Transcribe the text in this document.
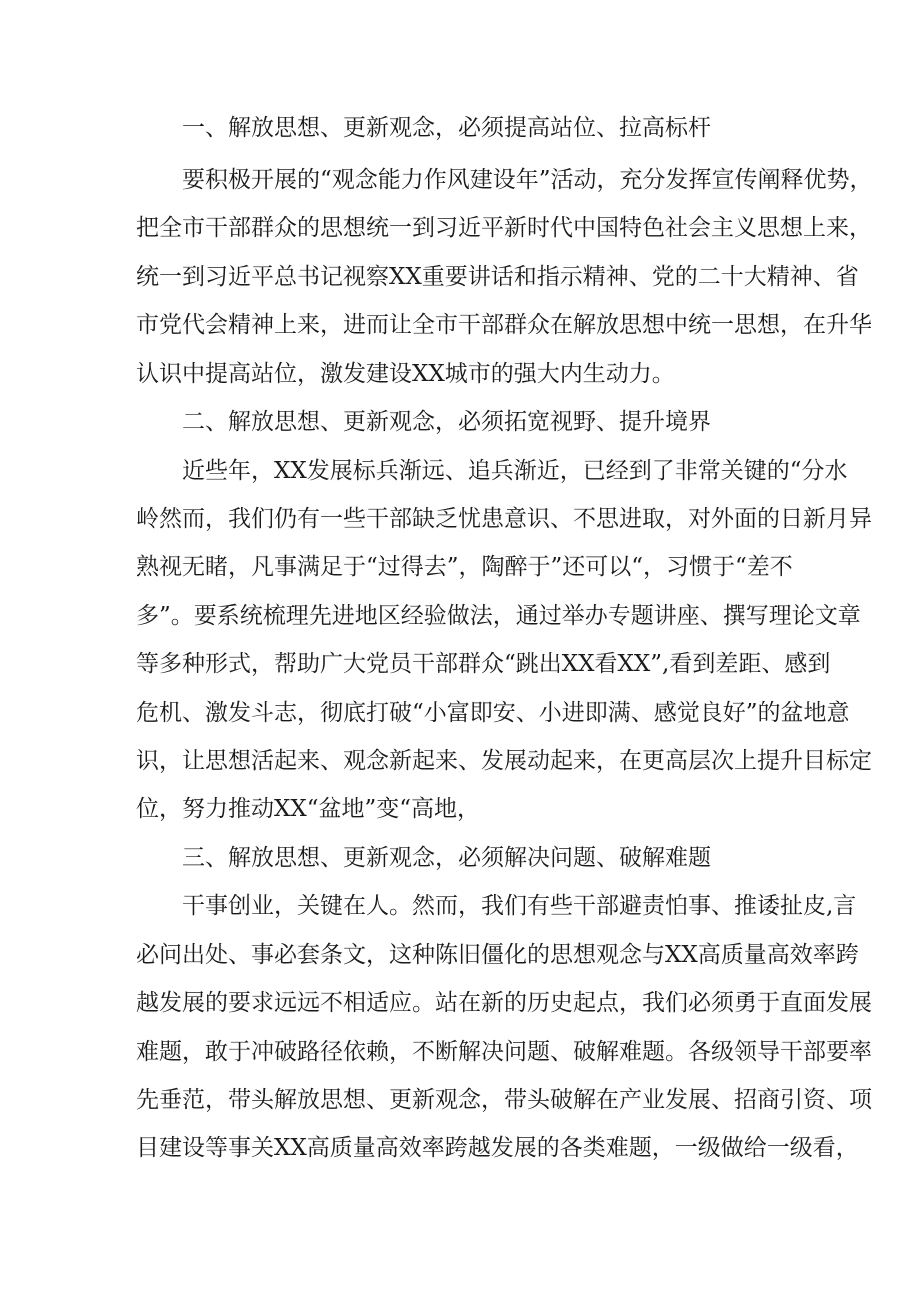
一、解放思想、更新观念，必须提高站位、拉高标杆

要积极开展的“观念能力作风建设年”活动，充分发挥宣传阐释优势，

把全市干部群众的思想统一到习近平新时代中国特色社会主义思想上来，

统一到习近平总书记视察XX重要讲话和指示精神、党的二十大精神、省

市党代会精神上来，进而让全市干部群众在解放思想中统一思想，在升华

认识中提高站位，激发建设XX城市的强大内生动力。

二、解放思想、更新观念，必须拓宽视野、提升境界

近些年，XX发展标兵渐远、追兵渐近，已经到了非常关键的“分水

岭然而，我们仍有一些干部缺乏忧患意识、不思进取，对外面的日新月异

熟视无睹，凡事满足于“过得去”，陶醉于”还可以“，习惯于“差不

多”。要系统梳理先进地区经验做法，通过举办专题讲座、撰写理论文章

等多种形式，帮助广大党员干部群众“跳出XX看XX”,看到差距、感到

危机、激发斗志，彻底打破“小富即安、小进即满、感觉良好”的盆地意

识，让思想活起来、观念新起来、发展动起来，在更高层次上提升目标定

位，努力推动XX“盆地”变“高地，

三、解放思想、更新观念，必须解决问题、破解难题

干事创业，关键在人。然而，我们有些干部避责怕事、推诿扯皮,言

必问出处、事必套条文，这种陈旧僵化的思想观念与XX高质量高效率跨

越发展的要求远远不相适应。站在新的历史起点，我们必须勇于直面发展

难题，敢于冲破路径依赖，不断解决问题、破解难题。各级领导干部要率

先垂范，带头解放思想、更新观念，带头破解在产业发展、招商引资、项

目建设等事关XX高质量高效率跨越发展的各类难题，一级做给一级看，
